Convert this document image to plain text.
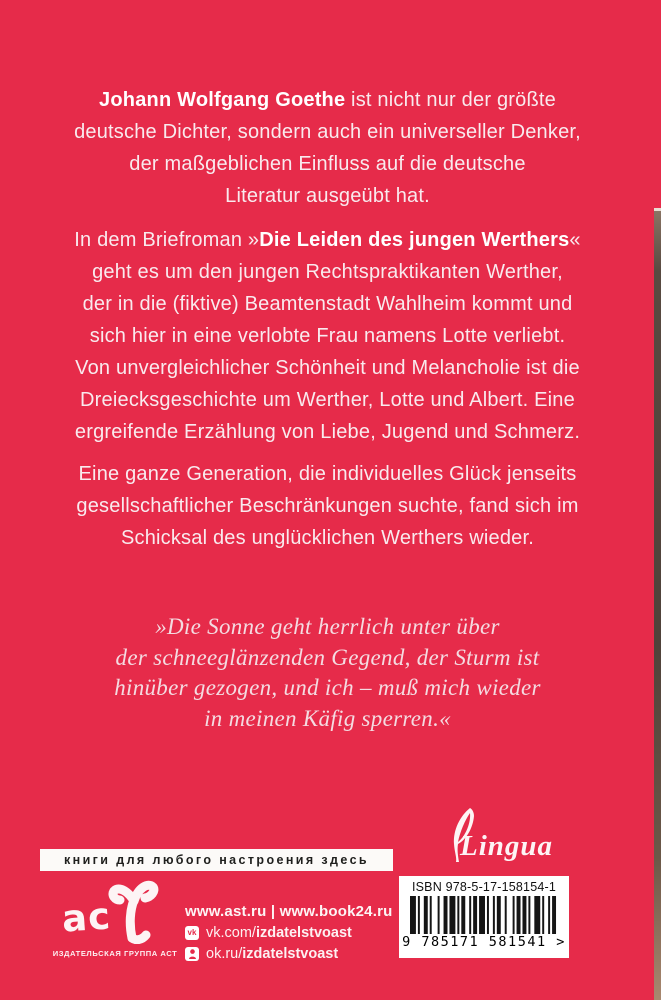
Johann Wolfgang Goethe ist nicht nur der größte
deutsche Dichter, sondern auch ein universeller Denker,
der maßgeblichen Einfluss auf die deutsche
Literatur ausgeübt hat.
In dem Briefroman »Die Leiden des jungen Werthers«
geht es um den jungen Rechtspraktikanten Werther,
der in die (fiktive) Beamtenstadt Wahlheim kommt und
sich hier in eine verlobte Frau namens Lotte verliebt.
Von unvergleichlicher Schönheit und Melancholie ist die
Dreiecksgeschichte um Werther, Lotte und Albert. Eine
ergreifende Erzählung von Liebe, Jugend und Schmerz.
Eine ganze Generation, die individuelles Glück jenseits
gesellschaftlicher Beschränkungen suchte, fand sich im
Schicksal des unglücklichen Werthers wieder.
»Die Sonne geht herrlich unter über
der schneeglänzenden Gegend, der Sturm ist
hinüber gezogen, und ich – muß mich wieder
in meinen Käfig sperren.«
книги для любого настроения здесь	Lingua
ISBN 978-5-17-158154-1
9 785171 581541 >
ас
ИЗДАТЕЛЬСКАЯ ГРУППА АСТ
www.ast.ru | www.book24.ru
vk vk.com/izdatelstvoast
ok.ru/izdatelstvoast
